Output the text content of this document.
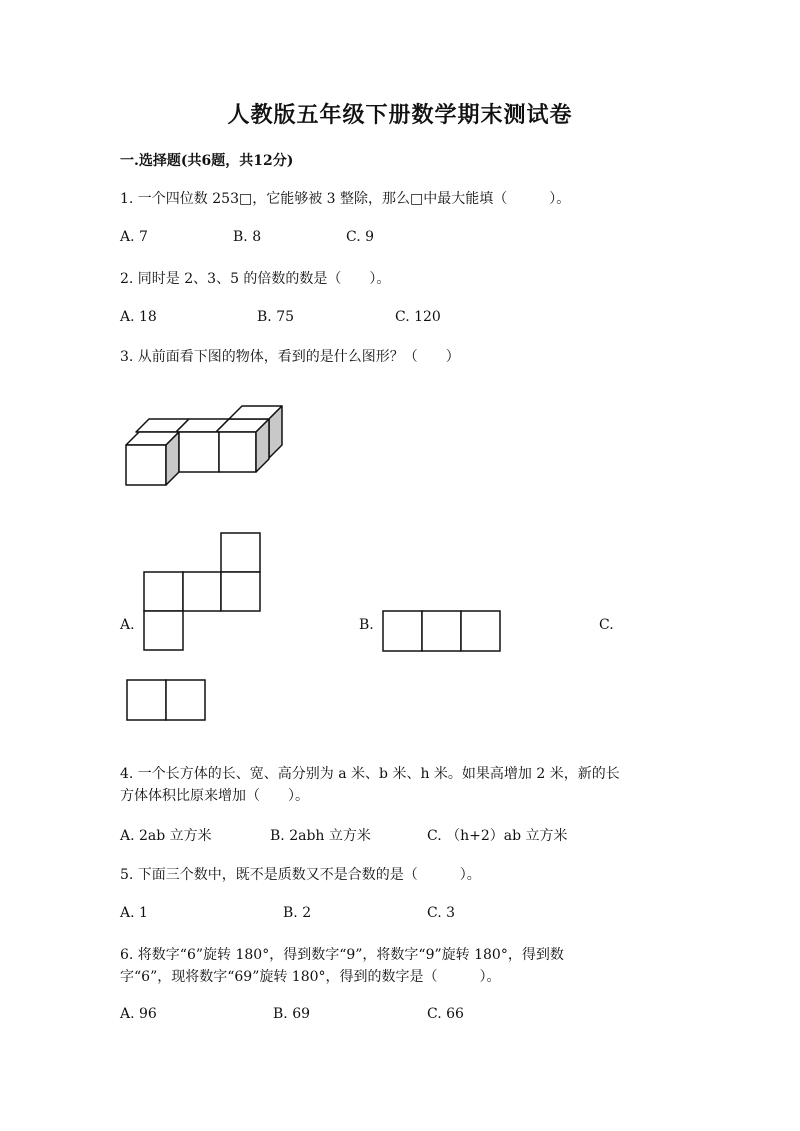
人教版五年级下册数学期末测试卷
一.选择题(共6题，共12分)
1. 一个四位数 253□，它能够被 3 整除，那么□中最大能填（　　　）。
A. 7	B. 8	C. 9
2. 同时是 2、3、5 的倍数的数是（　　）。
A. 18	B. 75	C. 120
3. 从前面看下图的物体，看到的是什么图形？（　　）
A.	B.	C.
4. 一个长方体的长、宽、高分别为 a 米、b 米、h 米。如果高增加 2 米，新的长
方体体积比原来增加（　　）。
A. 2ab 立方米	B. 2abh 立方米	C. （h+2）ab 立方米
5. 下面三个数中，既不是质数又不是合数的是（　　　）。
A. 1	B. 2	C. 3
6. 将数字“6”旋转 180°，得到数字“9”，将数字“9”旋转 180°，得到数
字“6”，现将数字“69”旋转 180°，得到的数字是（　　　）。
A. 96	B. 69	C. 66
